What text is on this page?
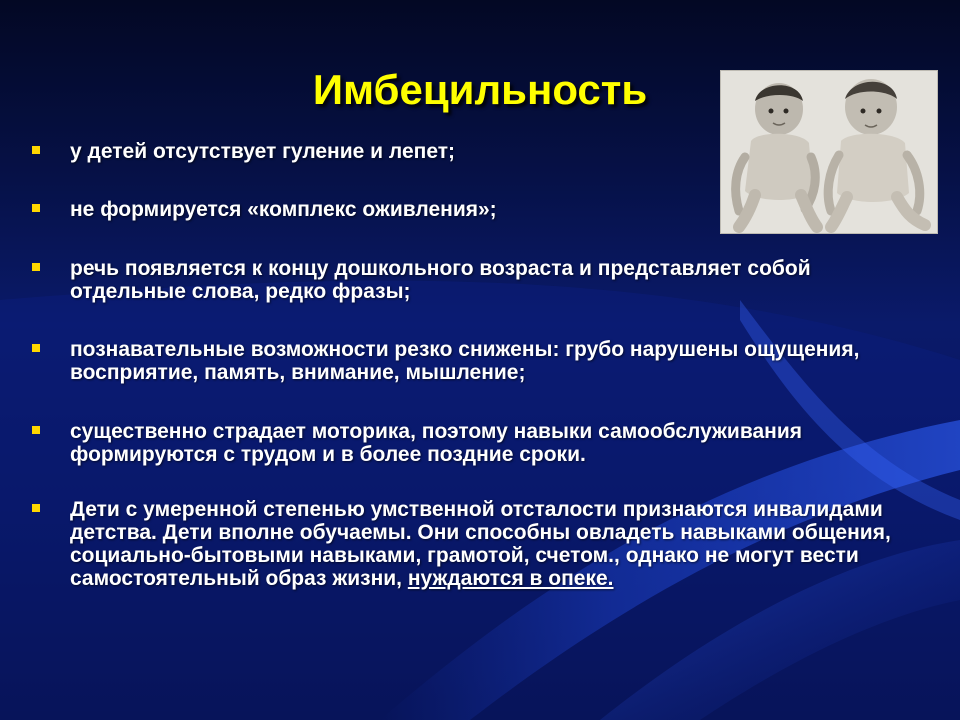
Имбецильность
у детей отсутствует гуление и лепет;
не формируется «комплекс оживления»;
речь появляется к концу дошкольного возраста и представляет собой отдельные слова, редко фразы;
познавательные возможности резко снижены: грубо нарушены ощущения, восприятие, память, внимание, мышление;
существенно страдает моторика, поэтому навыки самообслуживания формируются с трудом и в более поздние сроки.
Дети с умеренной степенью умственной отсталости признаются инвалидами детства. Дети вполне обучаемы. Они способны овладеть навыками общения, социально-бытовыми навыками, грамотой, счетом., однако не могут вести самостоятельный образ жизни, нуждаются в опеке.
